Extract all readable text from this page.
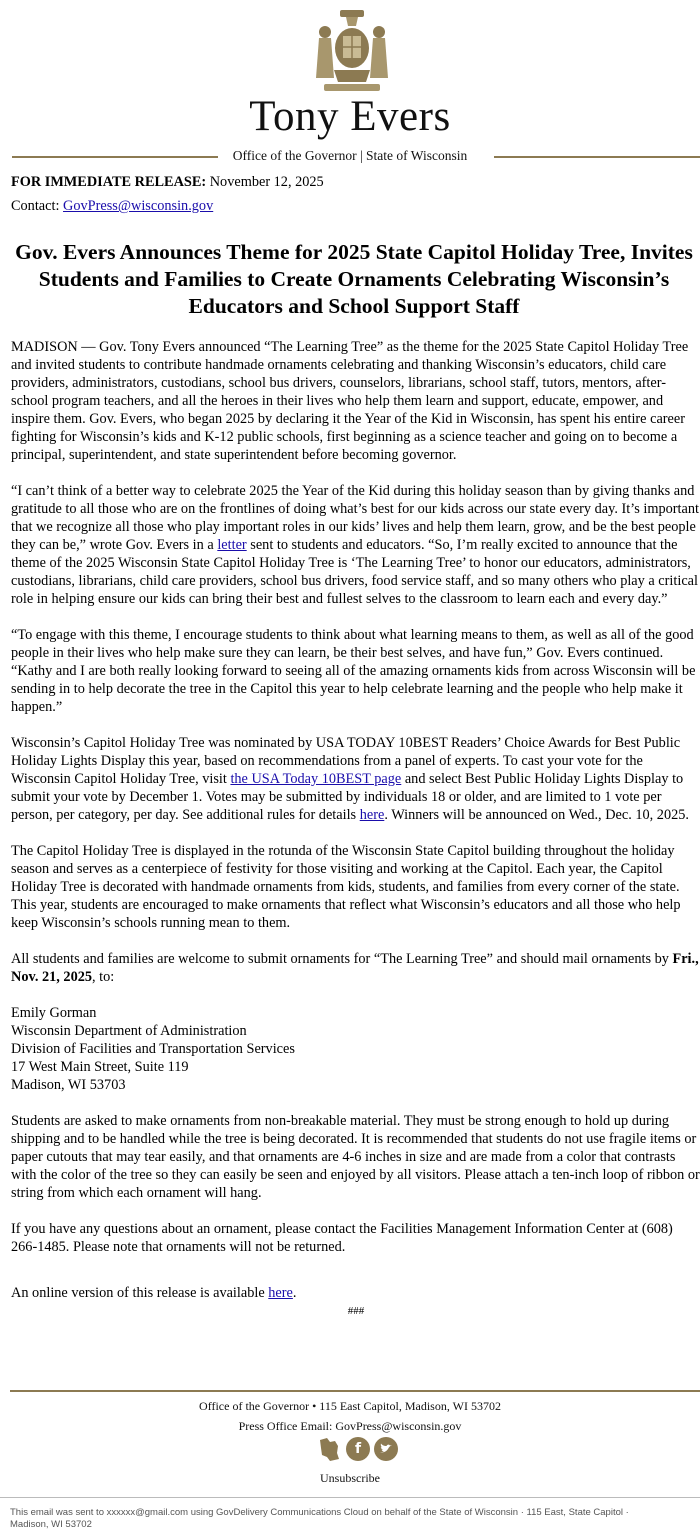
Tony Evers
Office of the Governor | State of Wisconsin

FOR IMMEDIATE RELEASE: November 12, 2025

Contact: GovPress@wisconsin.gov

Gov. Evers Announces Theme for 2025 State Capitol Holiday Tree, Invites Students and Families to Create Ornaments Celebrating Wisconsin’s Educators and School Support Staff

MADISON — Gov. Tony Evers announced “The Learning Tree” as the theme for the 2025 State Capitol Holiday Tree and invited students to contribute handmade ornaments celebrating and thanking Wisconsin’s educators, child care providers, administrators, custodians, school bus drivers, counselors, librarians, school staff, tutors, mentors, after-school program teachers, and all the heroes in their lives who help them learn and support, educate, empower, and inspire them. Gov. Evers, who began 2025 by declaring it the Year of the Kid in Wisconsin, has spent his entire career fighting for Wisconsin’s kids and K-12 public schools, first beginning as a science teacher and going on to become a principal, superintendent, and state superintendent before becoming governor.

“I can’t think of a better way to celebrate 2025 the Year of the Kid during this holiday season than by giving thanks and gratitude to all those who are on the frontlines of doing what’s best for our kids across our state every day. It’s important that we recognize all those who play important roles in our kids’ lives and help them learn, grow, and be the best people they can be,” wrote Gov. Evers in a letter sent to students and educators. “So, I’m really excited to announce that the theme of the 2025 Wisconsin State Capitol Holiday Tree is ‘The Learning Tree’ to honor our educators, administrators, custodians, librarians, child care providers, school bus drivers, food service staff, and so many others who play a critical role in helping ensure our kids can bring their best and fullest selves to the classroom to learn each and every day.”

“To engage with this theme, I encourage students to think about what learning means to them, as well as all of the good people in their lives who help make sure they can learn, be their best selves, and have fun,” Gov. Evers continued. “Kathy and I are both really looking forward to seeing all of the amazing ornaments kids from across Wisconsin will be sending in to help decorate the tree in the Capitol this year to help celebrate learning and the people who help make it happen.”

Wisconsin’s Capitol Holiday Tree was nominated by USA TODAY 10BEST Readers’ Choice Awards for Best Public Holiday Lights Display this year, based on recommendations from a panel of experts. To cast your vote for the Wisconsin Capitol Holiday Tree, visit the USA Today 10BEST page and select Best Public Holiday Lights Display to submit your vote by December 1. Votes may be submitted by individuals 18 or older, and are limited to 1 vote per person, per category, per day. See additional rules for details here. Winners will be announced on Wed., Dec. 10, 2025.

The Capitol Holiday Tree is displayed in the rotunda of the Wisconsin State Capitol building throughout the holiday season and serves as a centerpiece of festivity for those visiting and working at the Capitol. Each year, the Capitol Holiday Tree is decorated with handmade ornaments from kids, students, and families from every corner of the state. This year, students are encouraged to make ornaments that reflect what Wisconsin’s educators and all those who help keep Wisconsin’s schools running mean to them.

All students and families are welcome to submit ornaments for “The Learning Tree” and should mail ornaments by Fri., Nov. 21, 2025, to:

Emily Gorman
Wisconsin Department of Administration
Division of Facilities and Transportation Services
17 West Main Street, Suite 119
Madison, WI 53703

Students are asked to make ornaments from non-breakable material. They must be strong enough to hold up during shipping and to be handled while the tree is being decorated. It is recommended that students do not use fragile items or paper cutouts that may tear easily, and that ornaments are 4-6 inches in size and are made from a color that contrasts with the color of the tree so they can easily be seen and enjoyed by all visitors. Please attach a ten-inch loop of ribbon or string from which each ornament will hang.

If you have any questions about an ornament, please contact the Facilities Management Information Center at (608) 266-1485. Please note that ornaments will not be returned.

An online version of this release is available here.

###
Office of the Governor • 115 East Capitol, Madison, WI 53702
Press Office Email: GovPress@wisconsin.gov
f
Unsubscribe
This email was sent to xxxxxx@gmail.com using GovDelivery Communications Cloud on behalf of the State of Wisconsin · 115 East, State Capitol · Madison, WI 53702
